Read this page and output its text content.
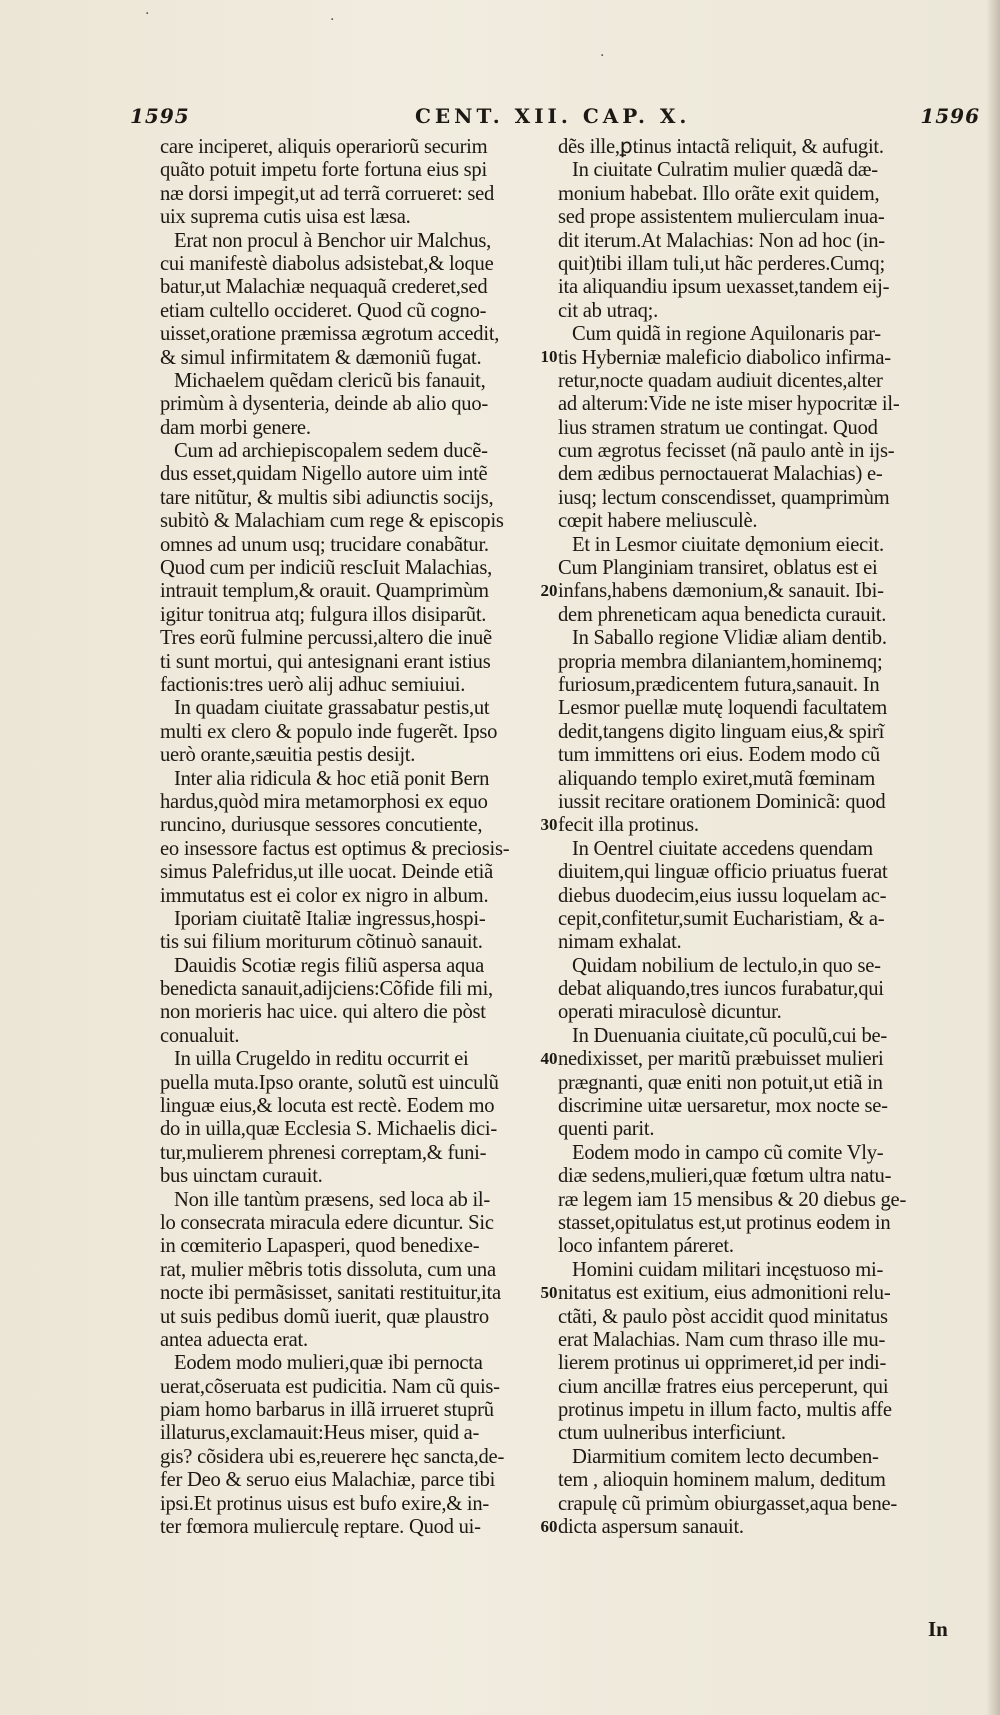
1595	CENT. XII. CAP. X.	1596
care inciperet, aliquis operariorũ securim
quãto potuit impetu forte fortuna eius spi
næ dorsi impegit,ut ad terrã corrueret: sed
uix suprema cutis uisa est læsa.
Erat non procul à Benchor uir Malchus,
cui manifestè diabolus adsistebat,& loque
batur,ut Malachiæ nequaquã crederet,sed
etiam cultello occideret. Quod cũ cogno-
uisset,oratione præmissa ægrotum accedit,
& simul infirmitatem & dæmoniũ fugat.
Michaelem quẽdam clericũ bis fanauit,
primùm à dysenteria, deinde ab alio quo-
dam morbi genere.
Cum ad archiepiscopalem sedem ducẽ-
dus esset,quidam Nigello autore uim intẽ
tare nitũtur, & multis sibi adiunctis socijs,
subitò & Malachiam cum rege & episcopis
omnes ad unum usq; trucidare conabãtur.
Quod cum per indiciũ rescIuit Malachias,
intrauit templum,& orauit. Quamprimùm
igitur tonitrua atq; fulgura illos disiparũt.
Tres eorũ fulmine percussi,altero die inuẽ
ti sunt mortui, qui antesignani erant istius
factionis:tres uerò alij adhuc semiuiui.
In quadam ciuitate grassabatur pestis,ut
multi ex clero & populo inde fugerẽt. Ipso
uerò orante,sæuitia pestis desijt.
Inter alia ridicula & hoc etiã ponit Bern
hardus,quòd mira metamorphosi ex equo
runcino, duriusque sessores concutiente,
eo insessore factus est optimus & preciosis-
simus Palefridus,ut ille uocat. Deinde etiã
immutatus est ei color ex nigro in album.
Iporiam ciuitatẽ Italiæ ingressus,hospi-
tis sui filium moriturum cõtinuò sanauit.
Dauidis Scotiæ regis filiũ aspersa aqua
benedicta sanauit,adijciens:Cõfide fili mi,
non morieris hac uice. qui altero die pòst
conualuit.
In uilla Crugeldo in reditu occurrit ei
puella muta.Ipso orante, solutũ est uinculũ
linguæ eius,& locuta est rectè. Eodem mo
do in uilla,quæ Ecclesia S. Michaelis dici-
tur,mulierem phrenesi correptam,& funi-
bus uinctam curauit.
Non ille tantùm præsens, sed loca ab il-
lo consecrata miracula edere dicuntur. Sic
in cœmiterio Lapasperi, quod benedixe-
rat, mulier mẽbris totis dissoluta, cum una
nocte ibi permãsisset, sanitati restituitur,ita
ut suis pedibus domũ iuerit, quæ plaustro
antea aduecta erat.
Eodem modo mulieri,quæ ibi pernocta
uerat,cõseruata est pudicitia. Nam cũ quis-
piam homo barbarus in illã irrueret stuprũ
illaturus,exclamauit:Heus miser, quid a-
gis? cõsidera ubi es,reuerere hęc sancta,de-
fer Deo & seruo eius Malachiæ, parce tibi
ipsi.Et protinus uisus est bufo exire,& in-
ter fœmora mulierculę reptare. Quod ui-
10
20
30
40
50
60
dẽs ille,ꝑtinus intactã reliquit, & aufugit.
In ciuitate Culratim mulier quædã dæ-
monium habebat. Illo orãte exit quidem,
sed prope assistentem mulierculam inua-
dit iterum.At Malachias: Non ad hoc (in-
quit)tibi illam tuli,ut hãc perderes.Cumq;
ita aliquandiu ipsum uexasset,tandem eij-
cit ab utraq;.
Cum quidã in regione Aquilonaris par-
tis Hyberniæ maleficio diabolico infirma-
retur,nocte quadam audiuit dicentes,alter
ad alterum:Vide ne iste miser hypocritæ il-
lius stramen stratum ue contingat. Quod
cum ægrotus fecisset (nã paulo antè in ijs-
dem ædibus pernoctauerat Malachias) e-
iusq; lectum conscendisset, quamprimùm
cœpit habere meliusculè.
Et in Lesmor ciuitate dęmonium eiecit.
Cum Planginiam transiret, oblatus est ei
infans,habens dæmonium,& sanauit. Ibi-
dem phreneticam aqua benedicta curauit.
In Saballo regione Vlidiæ aliam dentib.
propria membra dilaniantem,hominemq;
furiosum,prædicentem futura,sanauit. In
Lesmor puellæ mutę loquendi facultatem
dedit,tangens digito linguam eius,& spirĩ
tum immittens ori eius. Eodem modo cũ
aliquando templo exiret,mutã fœminam
iussit recitare orationem Dominicã: quod
fecit illa protinus.
In Oentrel ciuitate accedens quendam
diuitem,qui linguæ officio priuatus fuerat
diebus duodecim,eius iussu loquelam ac-
cepit,confitetur,sumit Eucharistiam, & a-
nimam exhalat.
Quidam nobilium de lectulo,in quo se-
debat aliquando,tres iuncos furabatur,qui
operati miraculosè dicuntur.
In Duenuania ciuitate,cũ poculũ,cui be-
nedixisset, per maritũ præbuisset mulieri
prægnanti, quæ eniti non potuit,ut etiã in
discrimine uitæ uersaretur, mox nocte se-
quenti parit.
Eodem modo in campo cũ comite Vly-
diæ sedens,mulieri,quæ fœtum ultra natu-
ræ legem iam 15 mensibus & 20 diebus ge-
stasset,opitulatus est,ut protinus eodem in
loco infantem páreret.
Homini cuidam militari incęstuoso mi-
nitatus est exitium, eius admonitioni relu-
ctãti, & paulo pòst accidit quod minitatus
erat Malachias. Nam cum thraso ille mu-
lierem protinus ui opprimeret,id per indi-
cium ancillæ fratres eius perceperunt, qui
protinus impetu in illum facto, multis affe
ctum uulneribus interficiunt.
Diarmitium comitem lecto decumben-
tem , alioquin hominem malum, deditum
crapulę cũ primùm obiurgasset,aqua bene-
dicta aspersum sanauit.
In
·	·
·
